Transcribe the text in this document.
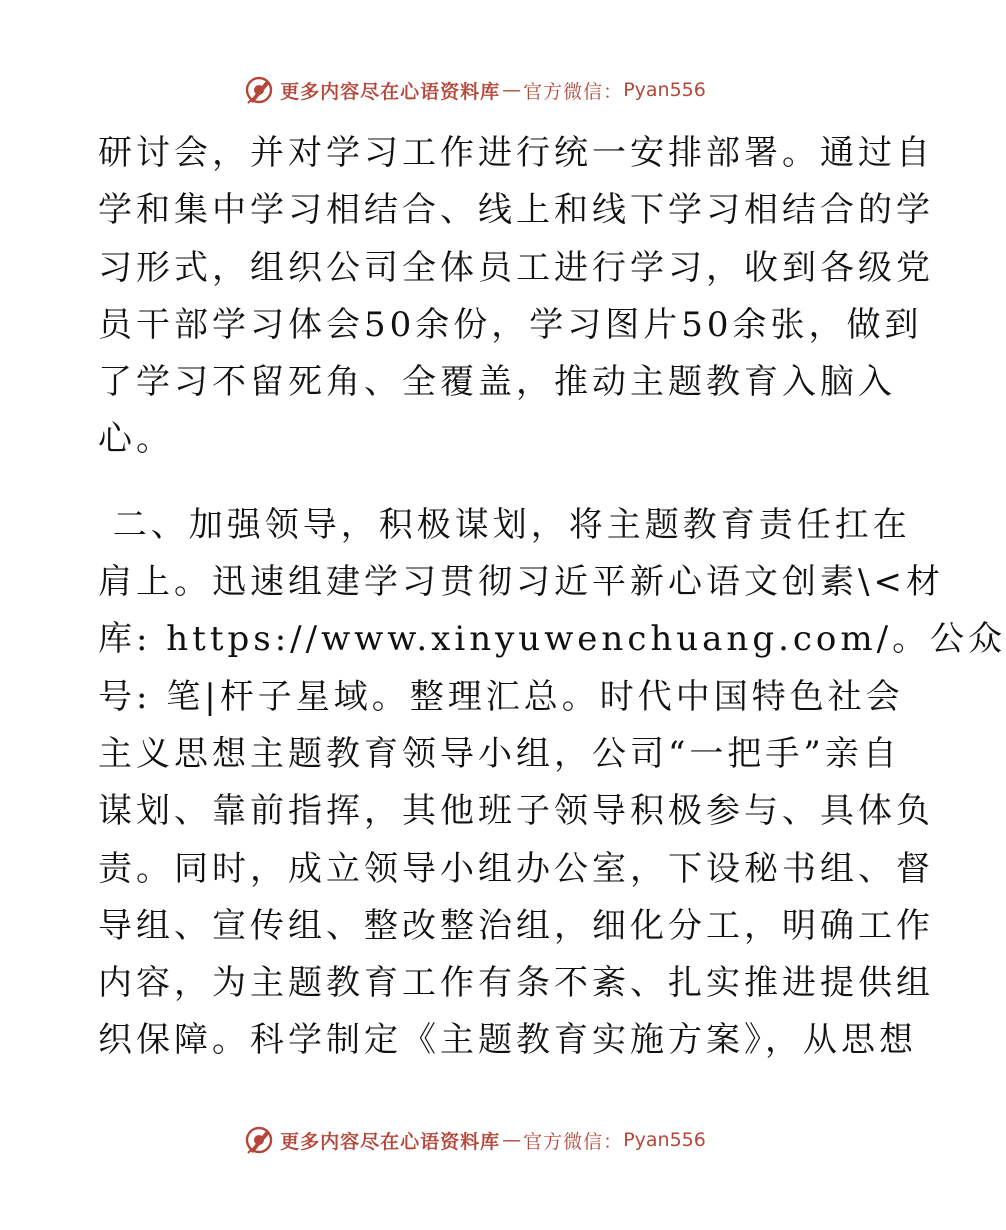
更多内容尽在心语资料库 — 官方微信： Pyan556
研讨会，并对学习工作进行统一安排部署。通过自
学和集中学习相结合、线上和线下学习相结合的学
习形式，组织公司全体员工进行学习，收到各级党
员干部学习体会50余份，学习图片50余张，做到
了学习不留死角、全覆盖，推动主题教育入脑入
心。
二、加强领导，积极谋划，将主题教育责任扛在
肩上。迅速组建学习贯彻习近平新心语文创素\<材
库: https://www.xinyuwenchuang.com/。公众
号: 笔|杆子星域。整理汇总。时代中国特色社会
主义思想主题教育领导小组，公司“一把手”亲自
谋划、靠前指挥，其他班子领导积极参与、具体负
责。同时，成立领导小组办公室，下设秘书组、督
导组、宣传组、整改整治组，细化分工，明确工作
内容，为主题教育工作有条不紊、扎实推进提供组
织保障。科学制定《主题教育实施方案》，从思想
更多内容尽在心语资料库 — 官方微信： Pyan556
